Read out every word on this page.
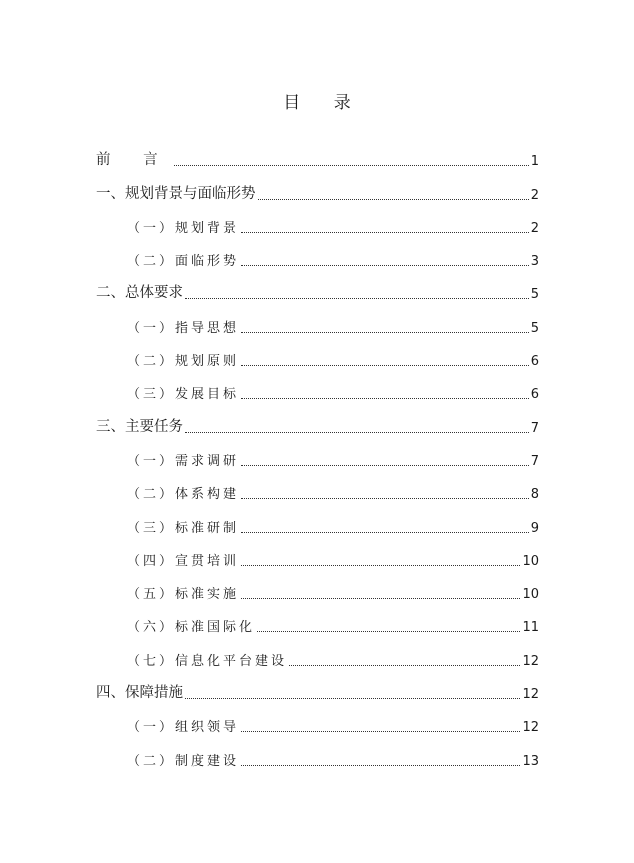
目 录
前 言	1
一、规划背景与面临形势	2
（一）规划背景	2
（二）面临形势	3
二、总体要求	5
（一）指导思想	5
（二）规划原则	6
（三）发展目标	6
三、主要任务	7
（一）需求调研	7
（二）体系构建	8
（三）标准研制	9
（四）宣贯培训	10
（五）标准实施	10
（六）标准国际化	11
（七）信息化平台建设	12
四、保障措施	12
（一）组织领导	12
（二）制度建设	13
